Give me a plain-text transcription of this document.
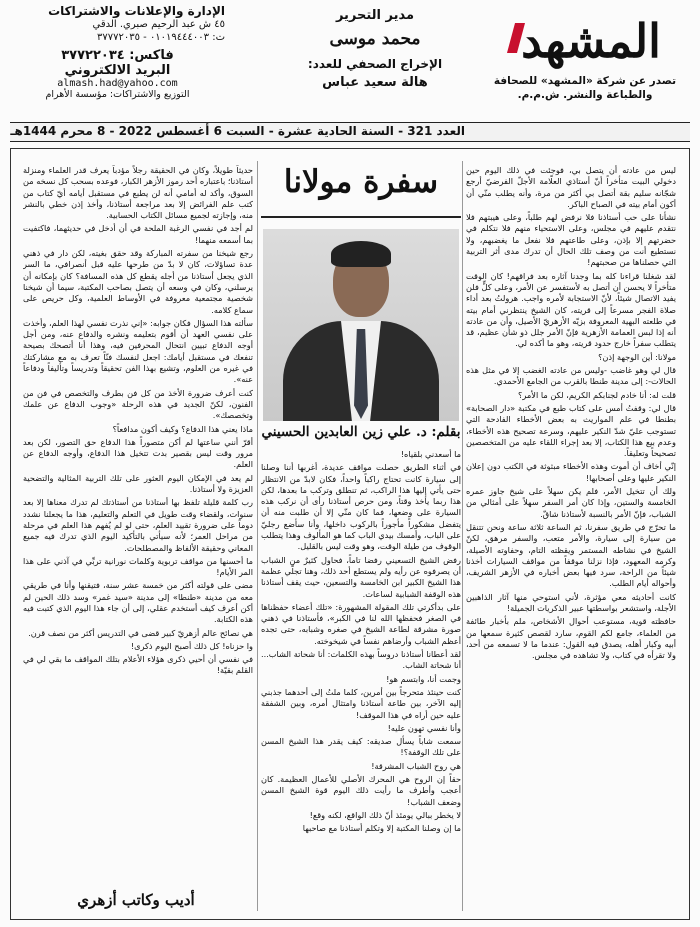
الإدارة والإعلانات والاشتراكات
٤٥ ش عبد الرحيم صبري. الدقي
ت: ٠١٠١٩٤٤٤٠٠٣ - ٣٧٧٧٢٠٣٥
فاكس: ٣٧٧٢٢٠٣٤
البريد الالكتروني
almash.had@yahoo.com
التوزيع والاشتراكات: مؤسسة الأهرام
مدير التحرير
محمد موسى
الإخراج الصحفي للعدد:
هالة سعيد عباس
المشهد
تصدر عن شركة «المشهد» للصحافة والطباعة والنشر. ش.م.م.
العدد 321 - السنة الحادية عشرة - السبت 6 أغسطس 2022 - 8 محرم 1444هـ
سفرة مولانا
بقلم: د. علي زين العابدين الحسيني

ليس من عادته أن يتصل بي، فوجئت في ذلك اليوم حين دخولي البيت متأخراً أنّ أستاذي العلّامة الأجلّ الفرضيّ أرجع شجّانه سليم بقة أتصل بي أكثر من مرة، وأنه يطلب منّي أن أكون أمام بيته في الصباح الباكر.

نشأنا على حب أستاذنا فلا نرفض لهم طلباً، وعلى هيبتهم فلا نتقدم عليهم في مجلس، وعلى الاستحياء منهم فلا نتكلم في حضرتهم إلا بإذن، وعلى طاعتهم فلا نفعل ما يغضبهم، ولا نستطيع أنت من وصف تلك الحال أن تدرك مدى أثر التربية التي حصلناها من صحبتهم!

لقد شغلنا قراءنا كله بما وجدنا آثاره بعد فراقهم! كان الوقت متأخراً لا يحسن أن أتصل به لأستفسر عن الأمر، وعلى كلٍّ فلن يفيد الاتصال شيئاً، لأنّ الاستجابة لأمره واجب. هرولتُ بعد أداء صلاة الفجر مسرعاً إلى قريته، كان الشيخ ينتظرني أمام بيته في طلعته البهية المعروفة بزيّه الأزهريّ الأصيل، وأن من عادته أنه إذا لبس العمامة الأزهرية فإنّ الأمر جلل ذو شأن عظيم، قد يتطلب سفراً خارج حدود قريته، وهو ما أكده لي.

مولانا: أين الوجهة إذن؟

قال لي وهو غاضب -وليس من عادته الغضب إلا في مثل هذه الحالات-: إلى مدينة طنطا بالقرب من الجامع الأحمدي.

قلت له: أنا خادم لجنابكم الكريم، لكن ما الأمر؟

قال لي: وقفتُ أمس على كتاب طبع في مكتبة «دار الصحابة» بطنطا في علم المواريث به بعض الأخطاء الفادحة التي تستوجب عليّ شدّ النكير عليهم، وسرعة تصحيح هذه الأخطاء، وعدم بيع هذا الكتاب، إلا بعد إجراء اللقاء عليه من المتخصصين تصحيحاً وتعليقاً.

إنّي أخاف أن أموت وهذه الأخطاء مبثوثة في الكتب دون إعلان النكير عليها وعلى أصحابها!

ولك أن تتخيل الأمر، فلم يكن سهلاً على شيخ جاوز عمره الخامسة والستين، وإذا كان أمر السفر سهلاً على أمثالي من الشباب، فإنّ الأمر بالنسبة لأستاذنا شاقّ.

ما تحرّج في طريق سفرنا، ثم الساعة ثلاثة ساعة ونحن تتنقل من سيارة إلى سيارة، والأمر متعب، والسفر مرهق، لكنّ الشيخ في نشاطه المستمر ويقظته التام، وحفاوته الأصيلة، وكرمه المعهود، فإذا نزلنا موقفاً من مواقف السيارات أخذنا شيئاً من الراحة، سرد فيها بعض أخباره في الأزهر الشريف، وأحواله أيام الطلب.

كانت أحاديثه معي مؤثرة، لأني استوحي منها آثار الذاهبين الأجلة، واستشعر بواسطتها عبير الذكريات الجميلة!

حافظته قوية، مستوعب أحوال الأشخاص، ملم بأخبار طائفة من العلماء، جامع لكم القوم، سارد لقصص كثيرة سمعها من أبيه وكبار أهله، يصدق فيه القول: عندما ما لا تسمعه من أحد، ولا تقرأه في كتاب، ولا تشاهده في مجلس.

ما أسعدني بلقياه!

في أثناء الطريق حصلت مواقف عديدة، أغربها أننا وصلنا إلى سيارة كانت تحتاج راكباً واحداً، فكان لابدّ من الانتظار حتى يأتي إليها هذا الراكب، ثم تنطلق وتركب ما بعدها، لكن هذا ربما يأخذ وقتاً، ومن حرص أستاذنا رأى أن نركب هذه السيارة على وضعها، فما كان منّي إلا أن طلبت منه أن يتفضل مشكوراً مأجوراً بالركوب داخلها، وأنا سأضع رجليّ على الباب، وأمسك بيدي الباب كما هو المألوف وهذا يتطلب الوقوف من طيلة الوقت، وهو وقت ليس بالقليل.

رفض الشيخ التسعيني رفضا تاماً، فحاول كثيرٌ من الشباب أن يصرفوه عن رأيه ولم يستطع أحد ذلك، وهنا تجلّي عظمة هذا الشيخ الكبير ابن الخامسة والتسعين، حيث يقف أستاذنا هذه الوقفة الشبابية لساعات.

على بدأكرتي تلك المقولة المشهورة: «تلك أعضاء حفظناها في الصغر فحفظها الله لنا في الكبر»، فأستاذنا في ذهني صورة مشرقة لطاعة الشيخ في صغره وشبابه، حتى تجده أعظم الشباب وأرضاهم نفساً في شيخوخته.

لقد أعطانا أستاذنا دروساً بهذه الكلمات: أنا شحاتة الشاب... أنا شحاتة الشاب.

وجمت أنا، وابتسم هو!

كنت حينئذ متحرجاً بين أمرين، كلما ملتُ إلى أحدهما جذبني إليه الآخر، بين طاعة أستاذنا وامتثال أمره، وبين الشفقة عليه حين أراه في هذا الموقف!

وأنا نفسي تهون عليه!

سمعت شاباً يسأل صديقه: كيف يقدر هذا الشيخ المسن على تلك الوقفة؟!

هي روح الشباب المشرقة!

حقاً إن الروح هي المحرك الأصلي للأعمال العظيمة. كان أعجب وأطرف ما رأيت ذلك اليوم قوة الشيخ المسن وضعف الشباب!

لا يخطر ببالي يومئذ أنّ ذلك الواقع، لكنه وقع!

ما إن وصلنا المكتبة إلا وتكلم أستاذنا مع صاحبها

حديثاً طويلاً، وكان في الحقيقة رجلاً مؤدباً يعرف قدر العلماء ومنزلة أستاذنا؛ باعتباره أحد رموز الأزهر الكبار، فوعده بسحب كل نسخه من السوق، وأكد له أمامي أنه لن يطبع في مستقبل أيامه أيّ كتاب من كتب علم الفرائض إلا بعد مراجعة أستاذنا، وأخذ إذن خطي بالنشر منه، وإجازته لجميع مسائل الكتاب الحسابية.

لم أجد في نفسي الرغبة الملحة في أن أدخل في حديثهما، فاكتفيت بما أسمعه منهما!

رجع شيخنا من سفرته المباركة وقد حقق بغيته، لكن دار في ذهني عدة تساؤلات، كان لا بدّ من طرحها عليه قبل أنصرافي، ما السر الذي يجعل أستاذنا من أجله يقطع كل هذه المسافة؟ كان بإمكانه أن يرسلني، وكان في وسعه أن يتصل بصاحب المكتبة، سيما أن شيخنا شخصية مجتمعية معروفة في الأوساط العلمية، وكل حريص على سماع كلامه.

سألته هذا السؤال فكان جوابه: «إني نذرت نفسي لهذا العلم، وأخذت على نفسي العهد أن أقوم بتعليمه ونشره والدفاع عنه، ومن أجل أوجه الدفاع تبيين انتحال المحرفين فيه، وهذا أنا أتصحك بصيحة تنفعك في مستقبل أيامك: اجعل لنفسك فنّاً تعرف به مع مشاركتك في غيره من العلوم، وتشيع بهذا الفن تحقيقاً وتدريساً وتأليفاً ودفاعاً عنه».

كنت أعرف ضرورة الأخذ من كل فن بطرف والتخصص في فن من الفنون، لكنّ الجديد في هذه الرحلة «وجوب الدفاع عن علمك وتخصصك».

ماذا يعني هذا الدفاع؟ وكيف أكون مدافعاً؟

أقرّ أنني ساعتها لم أكن متصوراً هذا الدفاع حق التصور، لكن بعد مرور وقت ليس بقصير بدت تتخيل هذا الدفاع، وأوجه الدفاع عن العلم.

لم يعد في الإمكان اليوم العثور على تلك التربية المثالية والتضحية العزيزة ولا أستاذنا.

رب كلمة قليلة تلفظ بها أستاذنا من أستاذتك لم تدرك معناها إلا بعد سنوات، ولقضاء وقت طويل في التعلم والتعليم، هذا ما يجعلنا نشدد دوماً على ضرورة تقييد العلم، حتى لو لم يُفهم هذا العلم في مرحلة من مراحل العمر؛ لأنه سيأتي بالتأكيد اليوم الذي تدرك فيه جميع المعاني وحقيقة الألفاظ والمصطلحات.

ما أحسنها من مواقف تربوية وكلمات نورانية تربِّي في آذني على هذا المر الأيام!

مضى على قولته أكثر من خمسة عشر سنة، فتيقنها وأنا في طريقي معه من مدينة «طنطا» إلى مدينة «سيد غمر» وسد ذلك الحين لم أكن أعرف كيف أستخدم عقلي، إلى أن جاء هذا اليوم الذي كتبت فيه هذه الكتابة.

هي نصائح عالم أزهريّ كبير قضى في التدريس أكثر من نصف قرن.

وا حزناه! كل ذلك أصبح اليوم ذكرى!

في نفسي أن أحيي ذكرى هؤلاء الأعلام بتلك المواقف ما بقي لي في القلم بقيّة!

أديب وكاتب أزهري
